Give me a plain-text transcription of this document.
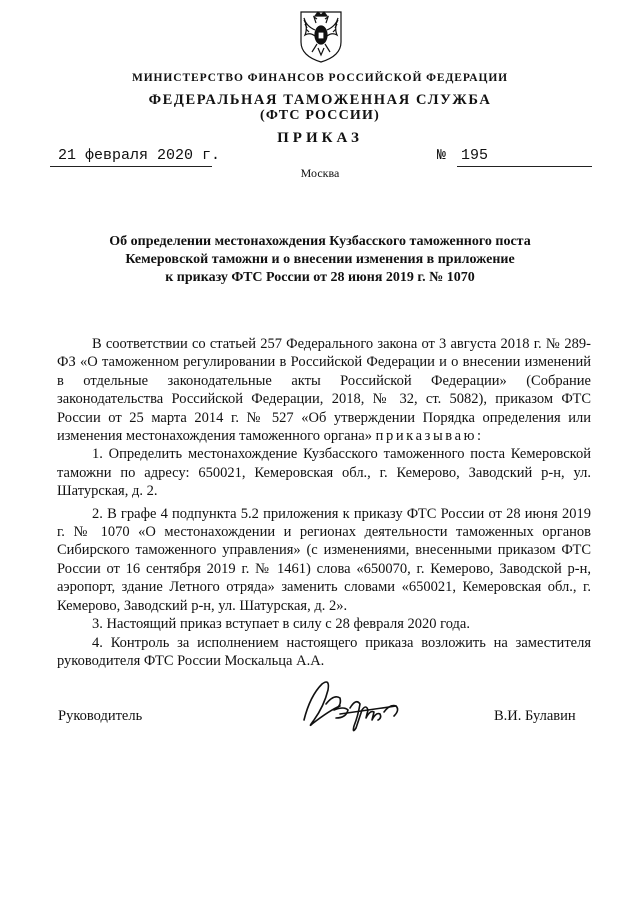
МИНИСТЕРСТВО ФИНАНСОВ РОССИЙСКОЙ ФЕДЕРАЦИИ
ФЕДЕРАЛЬНАЯ ТАМОЖЕННАЯ СЛУЖБА
(ФТС РОССИИ)
ПРИКАЗ
21 февраля 2020 г.	№ 195
Москва
Об определении местонахождения Кузбасского таможенного поста
Кемеровской таможни и о внесении изменения в приложение
к приказу ФТС России от 28 июня 2019 г. № 1070

В соответствии со статьей 257 Федерального закона от 3 августа 2018 г. № 289-ФЗ «О таможенном регулировании в Российской Федерации и о внесении изменений в отдельные законодательные акты Российской Федерации» (Собрание законодательства Российской Федерации, 2018, № 32, ст. 5082), приказом ФТС России от 25 марта 2014 г. № 527 «Об утверждении Порядка определения или изменения местонахождения таможенного органа» приказываю:

1. Определить местонахождение Кузбасского таможенного поста Кемеровской таможни по адресу: 650021, Кемеровская обл., г. Кемерово, Заводский р-н, ул. Шатурская, д. 2.

2. В графе 4 подпункта 5.2 приложения к приказу ФТС России от 28 июня 2019 г. № 1070 «О местонахождении и регионах деятельности таможенных органов Сибирского таможенного управления» (с изменениями, внесенными приказом ФТС России от 16 сентября 2019 г. № 1461) слова «650070, г. Кемерово, Заводской р-н, аэропорт, здание Летного отряда» заменить словами «650021, Кемеровская обл., г. Кемерово, Заводский р-н, ул. Шатурская, д. 2».

3. Настоящий приказ вступает в силу с 28 февраля 2020 года.

4. Контроль за исполнением настоящего приказа возложить на заместителя руководителя ФТС России Москальца А.А.

Руководитель	В.И. Булавин
